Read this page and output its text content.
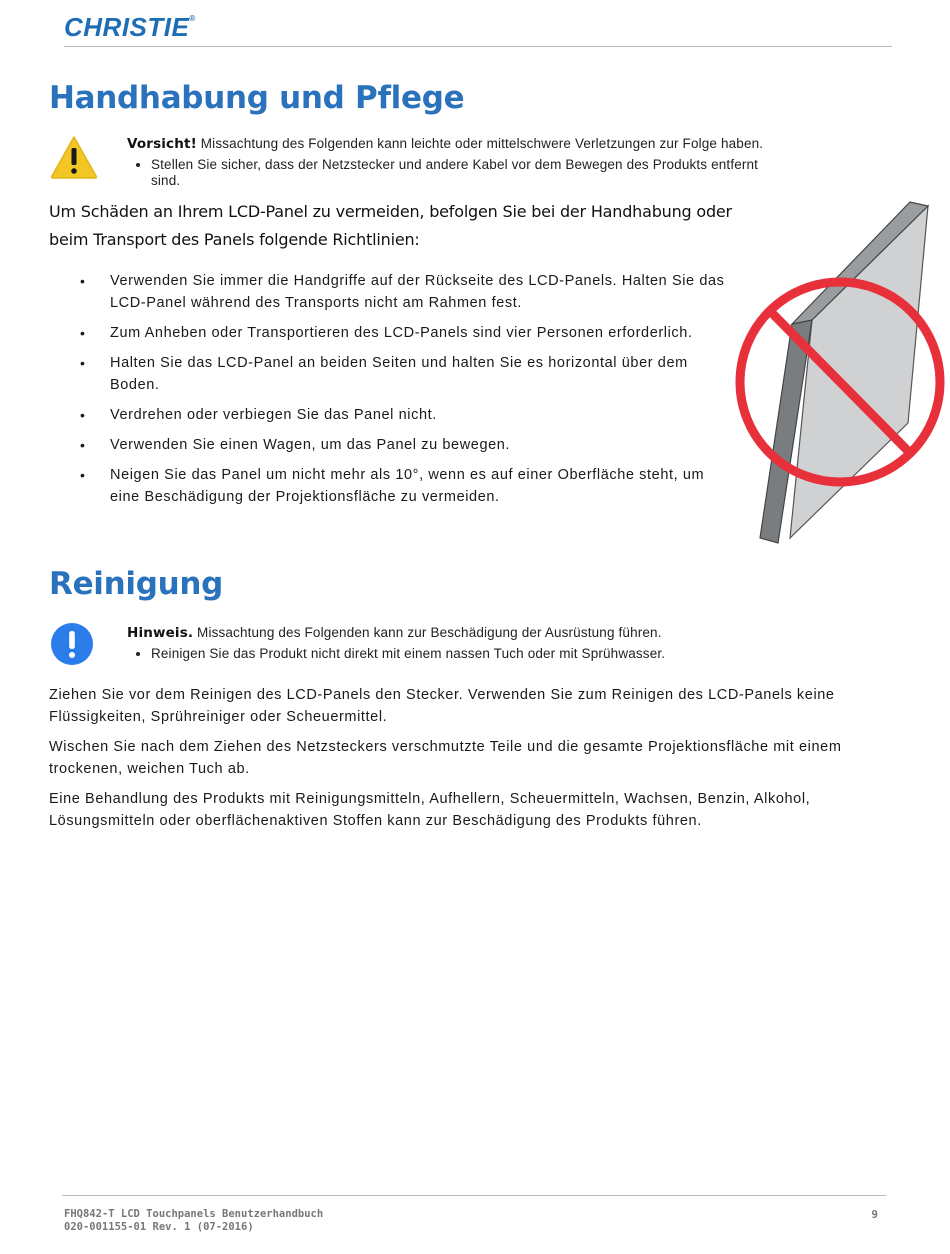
CHRISTIE®
Handhabung und Pflege
Vorsicht! Missachtung des Folgenden kann leichte oder mittelschwere Verletzungen zur Folge haben.
• Stellen Sie sicher, dass der Netzstecker und andere Kabel vor dem Bewegen des Produkts entfernt sind.
Um Schäden an Ihrem LCD-Panel zu vermeiden, befolgen Sie bei der Handhabung oder beim Transport des Panels folgende Richtlinien:
• Verwenden Sie immer die Handgriffe auf der Rückseite des LCD-Panels. Halten Sie das LCD-Panel während des Transports nicht am Rahmen fest.
• Zum Anheben oder Transportieren des LCD-Panels sind vier Personen erforderlich.
• Halten Sie das LCD-Panel an beiden Seiten und halten Sie es horizontal über dem Boden.
• Verdrehen oder verbiegen Sie das Panel nicht.
• Verwenden Sie einen Wagen, um das Panel zu bewegen.
• Neigen Sie das Panel um nicht mehr als 10°, wenn es auf einer Oberfläche steht, um eine Beschädigung der Projektionsfläche zu vermeiden.
Reinigung
Hinweis. Missachtung des Folgenden kann zur Beschädigung der Ausrüstung führen.
• Reinigen Sie das Produkt nicht direkt mit einem nassen Tuch oder mit Sprühwasser.

Ziehen Sie vor dem Reinigen des LCD-Panels den Stecker. Verwenden Sie zum Reinigen des LCD-Panels keine Flüssigkeiten, Sprühreiniger oder Scheuermittel.

Wischen Sie nach dem Ziehen des Netzsteckers verschmutzte Teile und die gesamte Projektionsfläche mit einem trockenen, weichen Tuch ab.

Eine Behandlung des Produkts mit Reinigungsmitteln, Aufhellern, Scheuermitteln, Wachsen, Benzin, Alkohol, Lösungsmitteln oder oberflächenaktiven Stoffen kann zur Beschädigung des Produkts führen.

FHQ842-T LCD Touchpanels Benutzerhandbuch
020-001155-01 Rev. 1 (07-2016)
9
